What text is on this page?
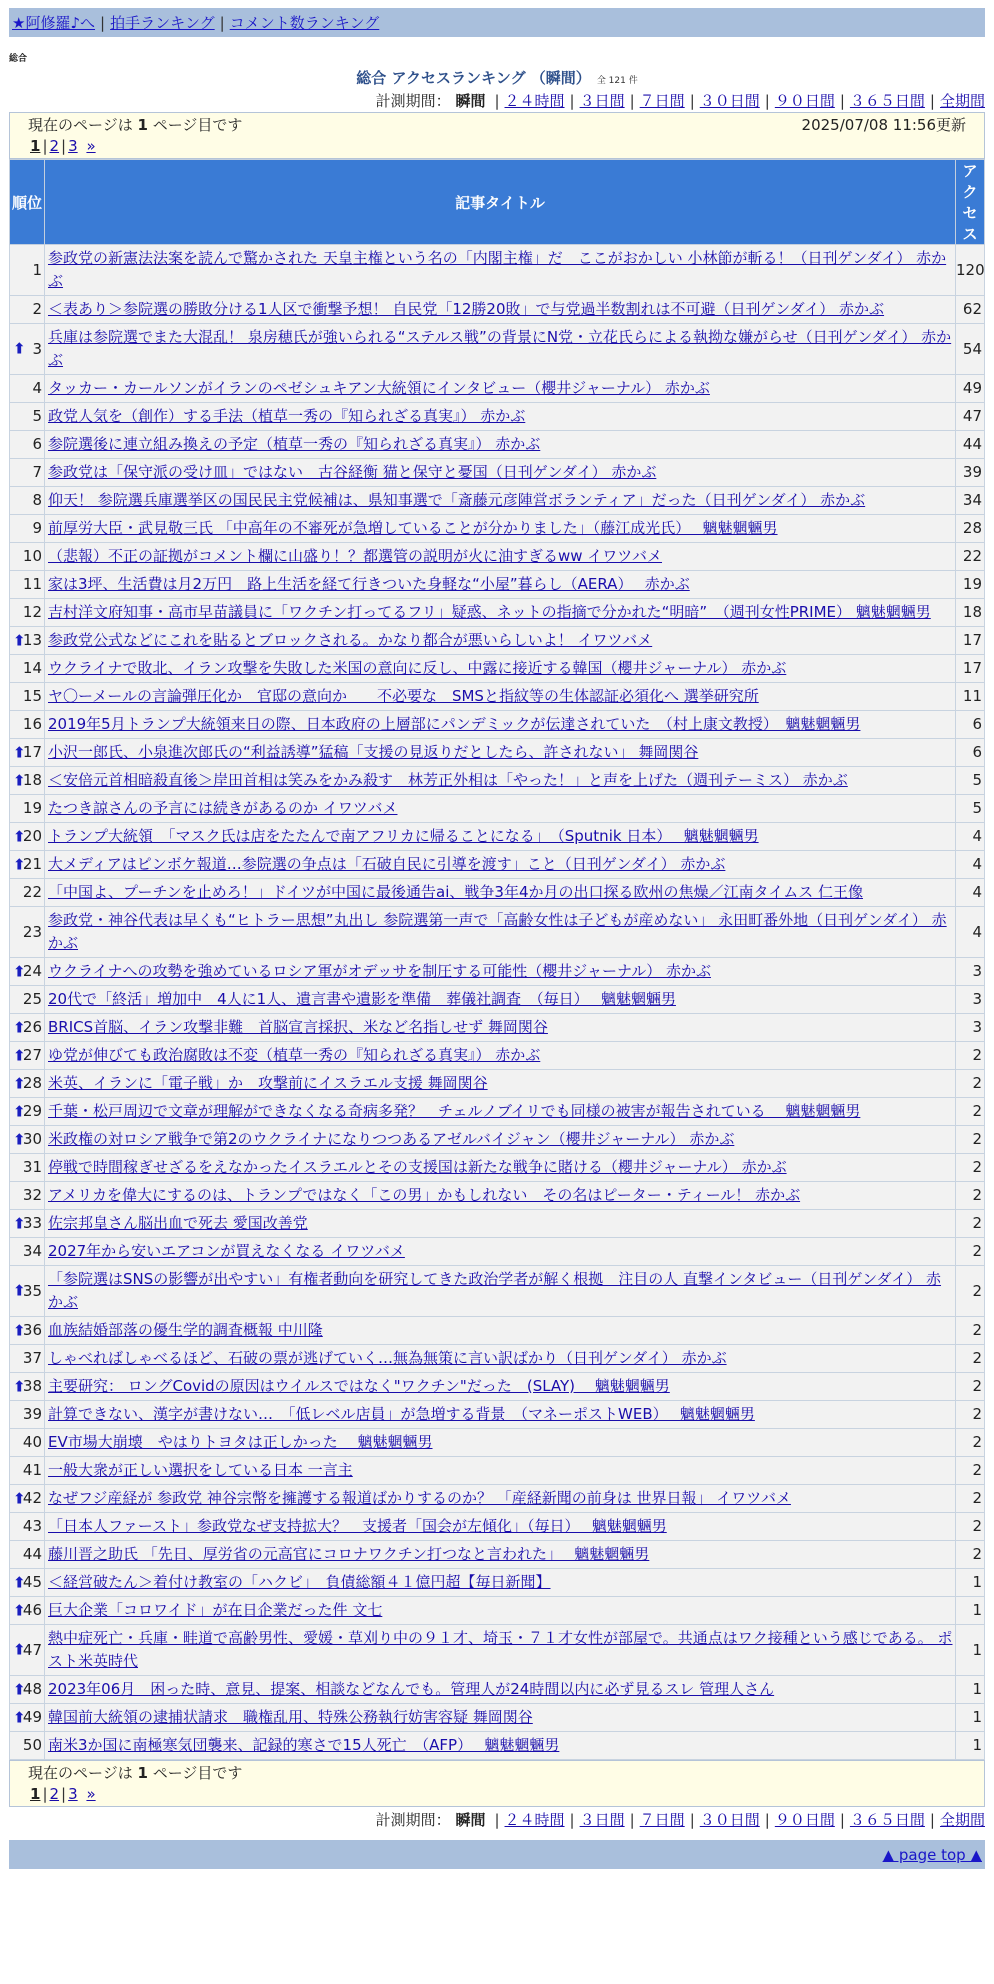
★阿修羅♪へ | 拍手ランキング | コメント数ランキング
総合
総合 アクセスランキング （瞬間） 全 121 件
計測期間： 瞬間 | ２４時間 | ３日間 | ７日間 | ３０日間 | ９０日間 | ３６５日間 | 全期間
現在のページは 1 ページ目です	2025/07/08 11:56更新
1 | 2 | 3 »
順位	記事タイトル	アクセス
1	参政党の新憲法法案を読んで驚かされた 天皇主権という名の「内閣主権」だ　ここがおかしい 小林節が斬る！（日刊ゲンダイ） 赤かぶ	120
2	＜表あり＞参院選の勝敗分ける1人区で衝撃予想！ 自民党「12勝20敗」で与党過半数割れは不可避（日刊ゲンダイ） 赤かぶ	62

⬆ 3	兵庫は参院選でまた大混乱！ 泉房穂氏が強いられる“ステルス戦”の背景にN党・立花氏らによる執拗な嫌がらせ（日刊ゲンダイ） 赤かぶ	54
4	タッカー・カールソンがイランのペゼシュキアン大統領にインタビュー（櫻井ジャーナル） 赤かぶ	49
5	政党人気を（創作）する手法（植草一秀の『知られざる真実』） 赤かぶ	47
6	参院選後に連立組み換えの予定（植草一秀の『知られざる真実』） 赤かぶ	44
7	参政党は「保守派の受け皿」ではない　古谷経衡 猫と保守と憂国（日刊ゲンダイ） 赤かぶ	39
8	仰天！ 参院選兵庫選挙区の国民民主党候補は、県知事選で「斎藤元彦陣営ボランティア」だった（日刊ゲンダイ） 赤かぶ	34
9	前厚労大臣・武見敬三氏 「中高年の不審死が急増していることが分かりました」（藤江成光氏）　 魑魅魍魎男	28
10	（悲報）不正の証拠がコメント欄に山盛り！？都選管の説明が火に油すぎるww イワツバメ	22
11	家は3坪、生活費は月2万円　路上生活を経て行きついた身軽な“小屋”暮らし（AERA）　 赤かぶ	19
12	吉村洋文府知事・高市早苗議員に「ワクチン打ってるフリ」疑惑、ネットの指摘で分かれた“明暗”　（週刊女性PRIME） 魑魅魍魎男	18

⬆
13	参政党公式などにこれを貼るとブロックされる。かなり都合が悪いらしいよ！ イワツバメ	17
14	ウクライナで敗北、イラン攻撃を失敗した米国の意向に反し、中露に接近する韓国（櫻井ジャーナル） 赤かぶ	17
15	ヤ〇ーメールの言論弾圧化か　官邸の意向か　　不必要な　SMSと指紋等の生体認証必須化へ 選挙研究所	11
16	2019年5月トランプ大統領来日の際、日本政府の上層部にパンデミックが伝達されていた　（村上康文教授）　魑魅魍魎男	6

⬆
17	小沢一郎氏、小泉進次郎氏の“利益誘導”猛稿「支援の見返りだとしたら、許されない」 舞岡関谷	6

⬆
18	＜安倍元首相暗殺直後＞岸田首相は笑みをかみ殺す　林芳正外相は「やった！」と声を上げた（週刊テーミス） 赤かぶ	5
19	たつき諒さんの予言には続きがあるのか イワツバメ	5

⬆
20	トランプ大統領　「マスク氏は店をたたんで南アフリカに帰ることになる」　（Sputnik 日本）　 魑魅魍魎男	4

⬆
21	大メディアはピンボケ報道…参院選の争点は「石破自民に引導を渡す」こと（日刊ゲンダイ） 赤かぶ	4
22	「中国よ、プーチンを止めろ！」ドイツが中国に最後通告ai、戦争3年4か月の出口探る欧州の焦燥／江南タイムス 仁王像	4
23	参政党・神谷代表は早くも“ヒトラー思想”丸出し 参院選第一声で「高齢女性は子どもが産めない」 永田町番外地（日刊ゲンダイ） 赤かぶ	4

⬆
24	ウクライナへの攻勢を強めているロシア軍がオデッサを制圧する可能性（櫻井ジャーナル） 赤かぶ	3
25	20代で「終活」増加中　4人に1人、遺言書や遺影を準備　葬儀社調査　（毎日）　 魑魅魍魎男	3

⬆
26	BRICS首脳、イラン攻撃非難　首脳宣言採択、米など名指しせず 舞岡関谷	3

⬆
27	ゆ党が伸びても政治腐敗は不変（植草一秀の『知られざる真実』） 赤かぶ	2

⬆
28	米英、イランに「電子戦」か　攻撃前にイスラエル支援 舞岡関谷	2

⬆
29	千葉・松戸周辺で文章が理解ができなくなる奇病多発？　チェルノブイリでも同様の被害が報告されている　 魑魅魍魎男	2

⬆
30	米政権の対ロシア戦争で第2のウクライナになりつつあるアゼルバイジャン（櫻井ジャーナル） 赤かぶ	2
31	停戦で時間稼ぎせざるをえなかったイスラエルとその支援国は新たな戦争に賭ける（櫻井ジャーナル） 赤かぶ	2
32	アメリカを偉大にするのは、トランプではなく「この男」かもしれない　その名はピーター・ティール！ 赤かぶ	2

⬆
33	佐宗邦皇さん脳出血で死去 愛国改善党	2
34	2027年から安いエアコンが買えなくなる イワツバメ	2

⬆
35	「参院選はSNSの影響が出やすい」有権者動向を研究してきた政治学者が解く根拠　注目の人 直撃インタビュー（日刊ゲンダイ） 赤かぶ	2

⬆
36	血族結婚部落の優生学的調査概報 中川隆	2
37	しゃべればしゃべるほど、石破の票が逃げていく…無為無策に言い訳ばかり（日刊ゲンダイ） 赤かぶ	2

⬆
38	主要研究： ロングCovidの原因はウイルスではなく"ワクチン"だった　(SLAY)　 魑魅魍魎男	2
39	計算できない、漢字が書けない…　「低レベル店員」が急増する背景　（マネーポストWEB）　 魑魅魍魎男	2
40	EV市場大崩壊　やはりトヨタは正しかった　 魑魅魍魎男	2
41	一般大衆が正しい選択をしている日本 一言主	2

⬆
42	なぜフジ産経が 参政党 神谷宗幣を擁護する報道ばかりするのか？ 「産経新聞の前身は 世界日報」 イワツバメ	2
43	「日本人ファースト」参政党なぜ支持拡大？　支援者「国会が左傾化」（毎日）　 魑魅魍魎男	2
44	藤川晋之助氏 「先日、厚労省の元高官にコロナワクチン打つなと言われた」　 魑魅魍魎男	2

⬆
45	＜経営破たん＞着付け教室の「ハクビ」　負債総額４１億円超【毎日新聞】	1

⬆
46	巨大企業「コロワイド」が在日企業だった件 文七	1

⬆
47	熱中症死亡・兵庫・畦道で高齢男性、愛媛・草刈り中の９１才、埼玉・７１才女性が部屋で。共通点はワク接種という感じである。 ポスト米英時代	1

⬆
48	2023年06月　困った時、意見、提案、相談などなんでも。管理人が24時間以内に必ず見るスレ 管理人さん	1

⬆
49	韓国前大統領の逮捕状請求　職権乱用、特殊公務執行妨害容疑 舞岡関谷	1
50	南米3か国に南極寒気団襲来、記録的寒さで15人死亡　（AFP）　 魑魅魍魎男	1
現在のページは 1 ページ目です
1 | 2 | 3 »
計測期間： 瞬間 | ２４時間 | ３日間 | ７日間 | ３０日間 | ９０日間 | ３６５日間 | 全期間
▲ page top ▲
